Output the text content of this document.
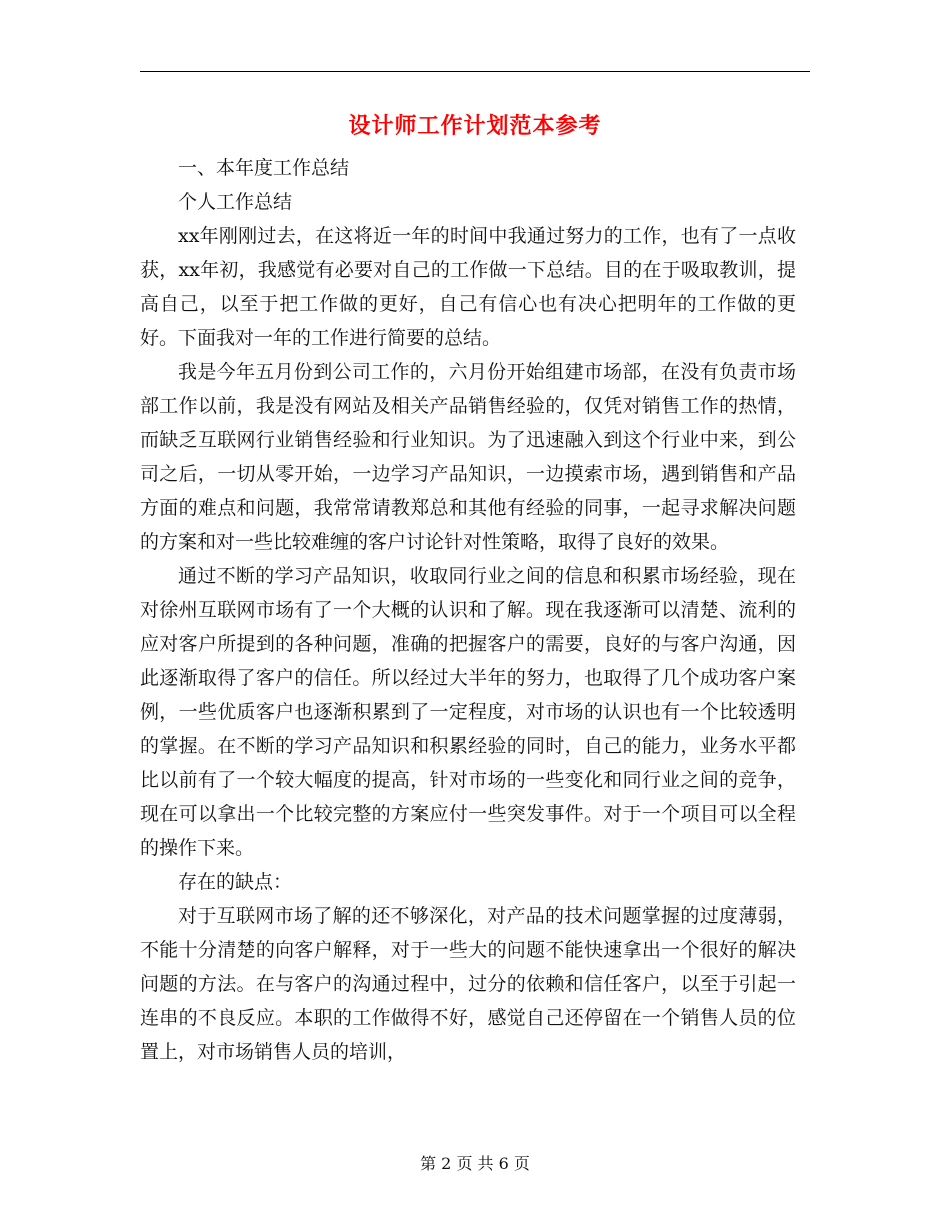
设计师工作计划范本参考

一、本年度工作总结

个人工作总结

xx年刚刚过去，在这将近一年的时间中我通过努力的工作，也有了一点收获，xx年初，我感觉有必要对自己的工作做一下总结。目的在于吸取教训，提高自己，以至于把工作做的更好，自己有信心也有决心把明年的工作做的更好。下面我对一年的工作进行简要的总结。

我是今年五月份到公司工作的，六月份开始组建市场部，在没有负责市场部工作以前，我是没有网站及相关产品销售经验的，仅凭对销售工作的热情，而缺乏互联网行业销售经验和行业知识。为了迅速融入到这个行业中来，到公司之后，一切从零开始，一边学习产品知识，一边摸索市场，遇到销售和产品方面的难点和问题，我常常请教郑总和其他有经验的同事，一起寻求解决问题的方案和对一些比较难缠的客户讨论针对性策略，取得了良好的效果。

通过不断的学习产品知识，收取同行业之间的信息和积累市场经验，现在对徐州互联网市场有了一个大概的认识和了解。现在我逐渐可以清楚、流利的应对客户所提到的各种问题，准确的把握客户的需要，良好的与客户沟通，因此逐渐取得了客户的信任。所以经过大半年的努力，也取得了几个成功客户案例，一些优质客户也逐渐积累到了一定程度，对市场的认识也有一个比较透明的掌握。在不断的学习产品知识和积累经验的同时，自己的能力，业务水平都比以前有了一个较大幅度的提高，针对市场的一些变化和同行业之间的竞争，现在可以拿出一个比较完整的方案应付一些突发事件。对于一个项目可以全程的操作下来。

存在的缺点：

对于互联网市场了解的还不够深化，对产品的技术问题掌握的过度薄弱，不能十分清楚的向客户解释，对于一些大的问题不能快速拿出一个很好的解决问题的方法。在与客户的沟通过程中，过分的依赖和信任客户，以至于引起一连串的不良反应。本职的工作做得不好，感觉自己还停留在一个销售人员的位置上，对市场销售人员的培训，

第 2 页 共 6 页
